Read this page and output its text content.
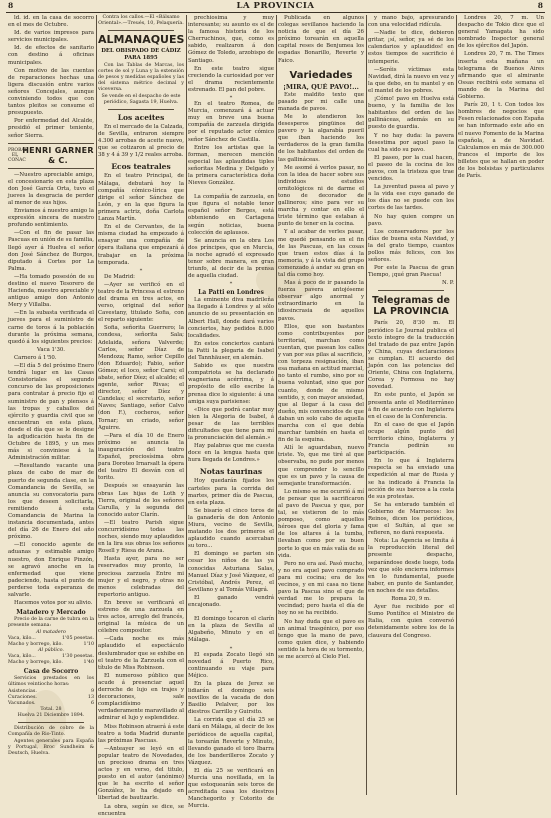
8	LA PROVINCIA	8

ld. id. en la casa de socorro en el mes de Octubre.

Id. de varios impresos para servicios municipales.

Id. de efectos de sanitario con destino á oficinas municipales.

Con motivo de las cuentas de reparaciones hechas una ligera discusión entre varios señores Concejales, aunque conviniendo todos que con tantos pleitos se consume el presupuesto.

Por enfermedad del Alcalde, presidió el primer teniente, señor Sierra.

PROBAR EL COÑAC
HENRI GARNER & C.

—Nuestro apreciable amigo, el concesionario en esta plaza don José García Orta, tuvo el jueves la desgracia de perder al menor de sus hijos.

Enviamos á nuestro amigo la expresión sincera de nuestro profundo sentimiento.

—Con el fin de pasar las Pascuas en unión de su familia, llegó ayer á Huelva el señor don José Sánchez de Burgos, diputado á Cortes por La Palma.

—Ha tomado posesión de su destino el nuevo Tesorero de Hacienda, nuestro apreciable y antiguo amigo don Antonio Mery y Villalba.

—En la subasta verificada el jueves para el suministro de carne de toros á la población durante la próxima semana, quedó á los siguientes precios:

Vaca 1'30.

Carnero á 1'50.

—El día 5 del próximo Enero tendrá lugar en las Casas Consistoriales el segundo concurso de las proposiciones para contratar á precio fijo el suministro de pan y piensos á las tropas y caballos del ejército y guardia civil que se encuentran en esta plaza, desde el día que se le designe la adjudicación hasta fin de Octubre de 1895, y un mes más si conviniese á la Administración militar.

—Resultando vacante una plaza de cabo de mar de puerto de segunda clase, en la Comandancia de Sevilla, se anuncia su convocatoria para los que deseen solicitarla, remitiendo á esta Comandancia de Marina la instancia documentada, antes del día 26 de Enero del año próximo.

—El conocido agente de aduanas y estimable amigo nuestro, don Enrique Pinzón, se agravó anoche en la enfermedad que viene padeciendo, hasta el punto de perderse toda esperanza de salvarle.

Hacemos votos por su alivio.

Matadero y Mercado

Precio de la carne de tubra en la presente semana:

Al matadero
Vaca, kilo...	1'05 pesetas.
Macho y borrego, kilo.	1'10
Al público.
Vaca, kilo...	1'30 pesetas.
Macho y borrego, kilo.	1'40
Casa de Socorro

Servicios prestados en los últimos veintiocho horas:

Asistencias.	9
Curaciones.	13
Vacunados.	6
Total. 28
Huelva 21 Diciembre 1894.

Distribución de cobro de la Compañía de Rio-Tinto.

Agentes generales para España y Portugal, Broc Sundheim & Deutsch, Huelva.

Contra los callos.—El «Bálsamo Oriental».—Treués, 10, Pelaquería.

ALMANAQUES
DEL OBISPADO DE CÁDIZ PARA 1895

Con las Tablas de Marcas, los cortes de sol y Luna y la extensión de pesos y medidas españoles y las del sistema métrico decimal y viceversa.

Se vende en el despacho de este periódico, Sagasta 19, Huelva.

Los aceites

En el mercado de la Calzada, de Sevilla, entraron siempre 4.300 arrobas de aceite nuevo, que se cotizaron al precio de 38 y 4 á 39 y 1/2 reales arroba.

Ecos teatrales

En el teatro Principal, de Málaga, debutará hoy la compañía cómico-lírica que dirige el señor Sánchez de León, y en la que figura la primera actriz, doña Carlota Lanza Martín.

En el de Cervantes, de la misma ciudad ha empezado á ensayar una compañía de ópera italiana que empezará á trabajar en la próxima temporada.

*

De Madrid:

—Ayer se verificó en el teatro de la Princesa el estreno del drama en tres actos, en verso, original del señor Cavestany, titulado Sofia, con el reparto siguiente:

Sofia, señorita Guerrero; la condesa, señorita Sala; Adelaida, señora Valverde; Carlos, señor Díaz de Mendoza; Ramo, señor Cepillo (don Eduardo); Fabio, señor Gómez; el loco, señor Carsi; el abate, señor Díez; el alcalde; el agente, señor Rivas; el director, señor Díez y Candelas; el secretario, señor Naves; Santiago, señor Calvo (don F.), cocheros, señor Tornar; un criado, señor Aguirre.

—Para el día 10 de Enero próximo se anuncia la inauguración del teatro Español, preciosísima obra para Doroteo Irnarsalt la ópera del teatro El desván con el torito.

Después se ensayarán las obras Las hijas de Loth y Tierra, original de los señores Carulla, y la segunda del conocido autor Clarín.

—El teatro Parish sigue concurridísimo todas las noches, siendo muy aplaudidos en la lira sus obras los señores Rosell y Riesa de Arana.

Hasta ayer, para no ser reservados muy pronto, la preciosa zarzuela Entre mi mujer y el negro, y otras no menos celebradas del repertorio antiguo.

En breve se verificará el estreno de una zarzuela en tres actos, arreglo del francés, original la música de un célebre compositor.

—Cada noche es más aplaudido el espectáculo deslumbrador que se exhibe en el teatro de la Zarzuela con el título de Miss Robinson.

El numeroso público que acude á presenciar aquel derroche de lujo en trajes y decoraciones, sale complacidísimo y verdaderamente maravillado al admirar el lujo y esplendidez.

Miss Robinson atraerá á este teatro a toda Madrid durante las próximas Pascuas.

—Anteayer se leyó en el popular teatro de Novedades, un precioso drama en tres actos y en verso, del titulo, puesto en el autor (anónimo) que le ha escrito el señor González, le ha dejado en libertad de bautizarle.

La obra, según se dice, se encuentra

prechiosima y muy interesante; su asunto es el de la famosa historia de los Cherruchinos, que, como es sabido, realizaron á don Gómez de Toledo, arzobispo de Santiago.

En este teatro sigue creciendo la curiosidad por ver el drama recientemente estrenado. El pan del pobre.

*

En el teatro Romea, de Murcia, comenzará á actuar muy en breve una buena compañía de zarzuela dirigida por el reputado actor cómico señor Sánchez de Castilla.

Entre los artistas que la forman, merecen mención especial las aplaudidas tiples señoritas Medina y Delgado y la primera característica doña Nieves González.

*

La compañía de zarzuela, en que figura el notable tenor español señor Berges, está obteniendo en Cartagena según noticias, buena colección de aplausos.

Se anuncia en la obra Los dos príncipes, que en Murcia, la noche agradó el expresado tenor sobre manera, en gran triunfo, al decir de la prensa de aquella ciudad.

*
La Patti en Londres

La eminente diva madrileña ha llegado á Londres y al sólo anuncio de su presentación en Albert Hall, donde dará varios conciertos, hay pedidos 8.000 localidades.

En estos conciertos cantará la Patti la plegaria de Isabel del Tannhäuser, en alemán.

Sabido es que nuestra compatriota se ha declarado wagneriana acérrima, y á propósito de ello escribe la prensa dice lo siguiente: á una amiga suya parisiense:

«Dice que podrá cantar muy bien la Alegoria de Isabel, á pesar de las terribles dificultades que tiene para mí la pronunciación del alemán.»

Hay palabras que me cuesta doce en la lengua hasta que hura llegada de Londres.»

Notas taurinas

Hoy quedarán fijados los carteles para la corrida del martes, primer día de Pascua, en esta plaza.

Se bisarío el cinco toros de la ganadería de don Antonio Miura, vecino de Sevilla, matando los dos primeros el aplaudido cuando acercaban su toro...

El domingo se parten sin cesar los niños de las ya conocidas Asturiana Salas, Manuel Díaz y José Vázquez, el Cristóbal, Andrés Perez, el Sevillano y al Tomás Villagrá.

El ganado vendrá encajonado.

*

El domingo tocaron el clarín en la plaza de Sevilla al Algabeño, Minuto y en el Málaga.

*

El espada Zocato llegó sin novedad á Puerto Rico, continuando su viaje para Méjico.

En la plaza de Jerez se lidiarán el domingo seis novillos de la vacada de don Basilio Pelalver, por los diestros Carrillo y Guirsito.

La corrida que el día 25 se dará en Málaga, al decir de los periódicos de aquella capital, la torearán Reverte y Minuto, llevando ganado el toro Ibarra de los banderilleros Zocato y Vázquez.

El día 25 se verificará en Murcia una novillada, en la que estoquearán seis toros de acreditada casa los diestros Manchegorito y Cotorito de Murcia.

Publicada en algunos colegas sevillanos haciendo la noticia de que el día 26 próximo torearán en aquella capital reses de Benjumea los espadas Bonarillo, Reverte y Faico.

Variedades
¡MIRA, QUÉ PAVO!...

Este maldito texto que pasado por mi calle una manada de pavos.

Me lo atendieron los desesperos pingüinos del pavero y la algarabía pueril que iban haciendo los verdaderos de la gran familia de los habitantes del orden de las gallináceas.

Me asomé á verlos pasar, no con la idea de hacer sobre sus individuos estudios ornitológicos ni de darme el tono de decorador de gallineros; sino para ver su marcha y contar en ello el triste término que estaban á punto de tener en la cocina.

Y al acabar de verles pasar, me quedé pensando en el fin de las Pascuas, en las cosas que traen estos días á la memoria, y á la vista del grupo comenzado á andar su gran en tal día como hoy.

Mas á poco de ir pasando la fuerza pavera antojóseme observar algo anormal y extraordinario en la idiosincrasia de aquellos pavos.

Ellos, que son bastantes como contribuyentes por territorial, marchan como cuentan, que pasean los calles y van por sus pilas al sacrificio, con torpeza resignación, iban esa mañana en actitud marcial, no tanto el rumbo, sino por su buena voluntad, sino que por cuanto, donde de mismo sentido, y, con mayor ansiedad, que al llegar á la casa del dueño, mis convencidos de que daban un solo cabo de aquella marcha con el que debía marchar también en hasta el fin de la esquina.

Allí le aguardaban, nuevo triste. Yo, que me tiré al que observaba, no pude por menos que comprender lo sencillo que es un pavo y la causa de semejante transformación.

Lo mismo se me ocurrió á mí de pensar que la sacrificaron al pavo de Pascua y que, por tal, se vistieron de lo más pomposo, como aquellos héroes que del gloria y fama de los altares á la tumba, llevaban como por su buen porte lo que en más valía de su vida.

Pero no era así. Pasó mucho, y no era aquel pavo comprado para mi cocina; era de los vecinos, y en mi casa no tiene pavo la Pascua sino el que de verdad me lo prepara la vecindad; pero hasta el día de hoy no se ha recibido.

No hay duda que el pavo es un animal trasgénico, por eso tengo que la mano de pavo, como quien dice, y habiendo sentido la hora de su tormento, se me acercó al Cielo Fiel.

y mano bajo, apresurando con una velocidad ridícula.

—Nadie te dice, debieron gritar, ¡sí, señor, ya sé de los calendarios y aplaudidos! en estos tiempos de sacrificio é intemperie.

—Seréis víctimas esta Navidad, dirá la nuevo en vez y la que debo, en tu mantel y en el mantel de los pobres.

¡Cómo! pavo en Huelva está bueno, y la familia de los habitantes del orden de las gallináceas, además en su puesto de guardia.

Y no hay duda: la pavera desestima por aquel paso la cual ha sido su pavo.

El paseo, por la cual hacen, el paseo de la cocina de los pavos, con la tristeza que trae vencidos.

La juventud pasea al pavo y a la vida ese cuyo ganado de los días no se puede con los cortes de las tardes.

No hay quien compre un pavo.

Los conservadores por los días de buena esta Navidad, y la del grato tiempo, cuantos pollos más felices, con los señores.

Por este la Pascua de gran Tiempo, ¡qué gran Pascua!

N. P.
Telegramas de LA PROVINCIA

París 20, 8'30 m. El periódico Le Journal publica el texto íntegro de la traducción del tratado de paz entre Japón y China, cuyas declaraciones se cumplan. El acuerdo del Japón con las potencias del Oriente, China con Inglaterra, Corea y Formosa no hay novedad.

En este punto, el Japón se presenta ante el Mediterráneo á fin de acuerdo con Inglaterra en el caso de la Conferencia.

En el caso de que el Japón ocupe algún punto del territorio chino, Inglaterra y Francia pedirán su participación.

En lo que á Inglaterra respecta se ha enviado una expedición al mar de Rusia y se ha indicado á Francia la acción de sus barcos a la costa de sus protestas.

Se ha enterado también el Gobierno de Marruecos: los Reinos, dicen los periódicos, que el Sultán, al que se refieren, no dará respuesta.

Nota: La Agencia se limita á la reproducción literal del presente despacho, separándose desde luego, toda vez que sólo encierra informes en lo fundamental, puede haber, en punto de Santander, en noches de sus detalles.

Roma 20, 9 m.

Ayer fue recibido por el Sumo Pontífice el Ministro de Italia, con quien conversó detenidamente sobre los de la clausura del Congreso.

Londres 20, 7 m. Un despacho de Tokio dice que el general Yamagata ha sido nombrado Inspector general de los ejércitos del Japón.

Londres 20, 7 m. The Times inserta esta mañana un telegrama de Buenos Aires afirmando que el almirante Ossas recibirá este semana el mando de la Marina del Gobierno.

París 20, 1 t. Con todos los hombres de negocios que Fesen relacionados con España se han informado este año en el nuevo Fomento de la Marina española, a de Navidad. Calculamos en más de 300.000 francos el importe de los billetes que se hallan en poder de los bolsistas y particulares de París.
